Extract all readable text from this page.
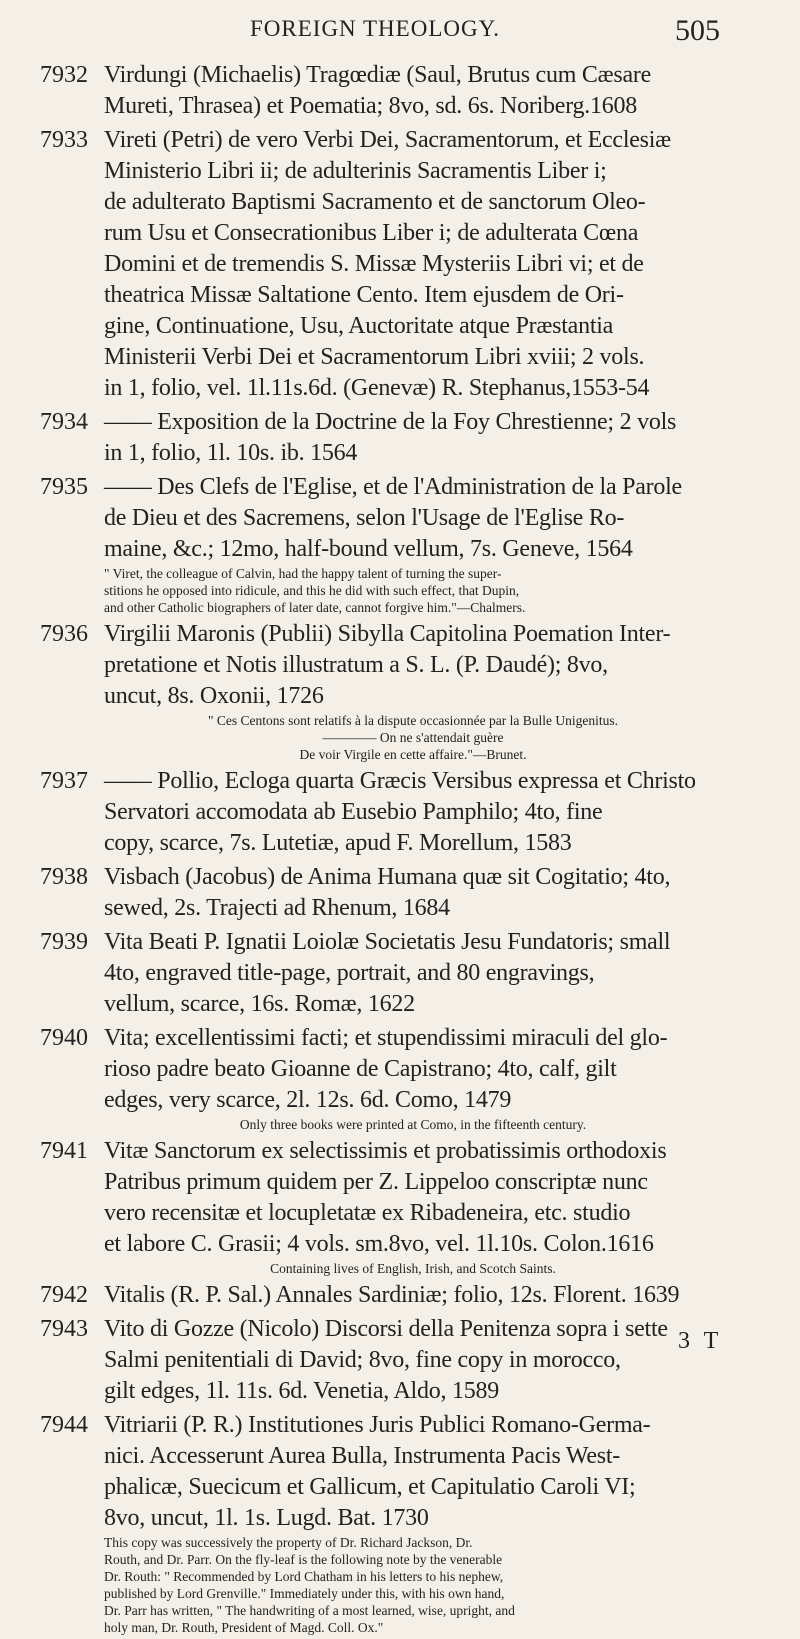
FOREIGN THEOLOGY.	505
7932 Virdungi (Michaelis) Tragœdiæ (Saul, Brutus cum Cæsare
Mureti, Thrasea) et Poematia; 8vo, sd. 6s. Noriberg.1608
7933 Vireti (Petri) de vero Verbi Dei, Sacramentorum, et Ecclesiæ
Ministerio Libri ii; de adulterinis Sacramentis Liber i;
de adulterato Baptismi Sacramento et de sanctorum Oleo-
rum Usu et Consecrationibus Liber i; de adulterata Cœna
Domini et de tremendis S. Missæ Mysteriis Libri vi; et de
theatrica Missæ Saltatione Cento. Item ejusdem de Ori-
gine, Continuatione, Usu, Auctoritate atque Præstantia
Ministerii Verbi Dei et Sacramentorum Libri xviii; 2 vols.
in 1, folio, vel. 1l.11s.6d. (Genevæ) R. Stephanus,1553-54
7934 —— Exposition de la Doctrine de la Foy Chrestienne; 2 vols
in 1, folio, 1l. 10s. ib. 1564
7935 —— Des Clefs de l'Eglise, et de l'Administration de la Parole
de Dieu et des Sacremens, selon l'Usage de l'Eglise Ro-
maine, &c.; 12mo, half-bound vellum, 7s. Geneve, 1564
" Viret, the colleague of Calvin, had the happy talent of turning the super-
stitions he opposed into ridicule, and this he did with such effect, that Dupin,
and other Catholic biographers of later date, cannot forgive him."—Chalmers.
7936 Virgilii Maronis (Publii) Sibylla Capitolina Poemation Inter-
pretatione et Notis illustratum a S. L. (P. Daudé); 8vo,
uncut, 8s. Oxonii, 1726
" Ces Centons sont relatifs à la dispute occasionnée par la Bulle Unigenitus.
———— On ne s'attendait guère
De voir Virgile en cette affaire."—Brunet.
7937 —— Pollio, Ecloga quarta Græcis Versibus expressa et Christo
Servatori accomodata ab Eusebio Pamphilo; 4to, fine
copy, scarce, 7s. Lutetiæ, apud F. Morellum, 1583
7938 Visbach (Jacobus) de Anima Humana quæ sit Cogitatio; 4to,
sewed, 2s. Trajecti ad Rhenum, 1684
7939 Vita Beati P. Ignatii Loiolæ Societatis Jesu Fundatoris; small
4to, engraved title-page, portrait, and 80 engravings,
vellum, scarce, 16s. Romæ, 1622
7940 Vita; excellentissimi facti; et stupendissimi miraculi del glo-
rioso padre beato Gioanne de Capistrano; 4to, calf, gilt
edges, very scarce, 2l. 12s. 6d. Como, 1479
Only three books were printed at Como, in the fifteenth century.
7941 Vitæ Sanctorum ex selectissimis et probatissimis orthodoxis
Patribus primum quidem per Z. Lippeloo conscriptæ nunc
vero recensitæ et locupletatæ ex Ribadeneira, etc. studio
et labore C. Grasii; 4 vols. sm.8vo, vel. 1l.10s. Colon.1616
Containing lives of English, Irish, and Scotch Saints.
7942 Vitalis (R. P. Sal.) Annales Sardiniæ; folio, 12s. Florent. 1639
7943 Vito di Gozze (Nicolo) Discorsi della Penitenza sopra i sette
Salmi penitentiali di David; 8vo, fine copy in morocco,
gilt edges, 1l. 11s. 6d. Venetia, Aldo, 1589
7944 Vitriarii (P. R.) Institutiones Juris Publici Romano-Germa-
nici. Accesserunt Aurea Bulla, Instrumenta Pacis West-
phalicæ, Suecicum et Gallicum, et Capitulatio Caroli VI;
8vo, uncut, 1l. 1s. Lugd. Bat. 1730
This copy was successively the property of Dr. Richard Jackson, Dr.
Routh, and Dr. Parr. On the fly-leaf is the following note by the venerable
Dr. Routh: " Recommended by Lord Chatham in his letters to his nephew,
published by Lord Grenville." Immediately under this, with his own hand,
Dr. Parr has written, " The handwriting of a most learned, wise, upright, and
holy man, Dr. Routh, President of Magd. Coll. Ox."
3 T
